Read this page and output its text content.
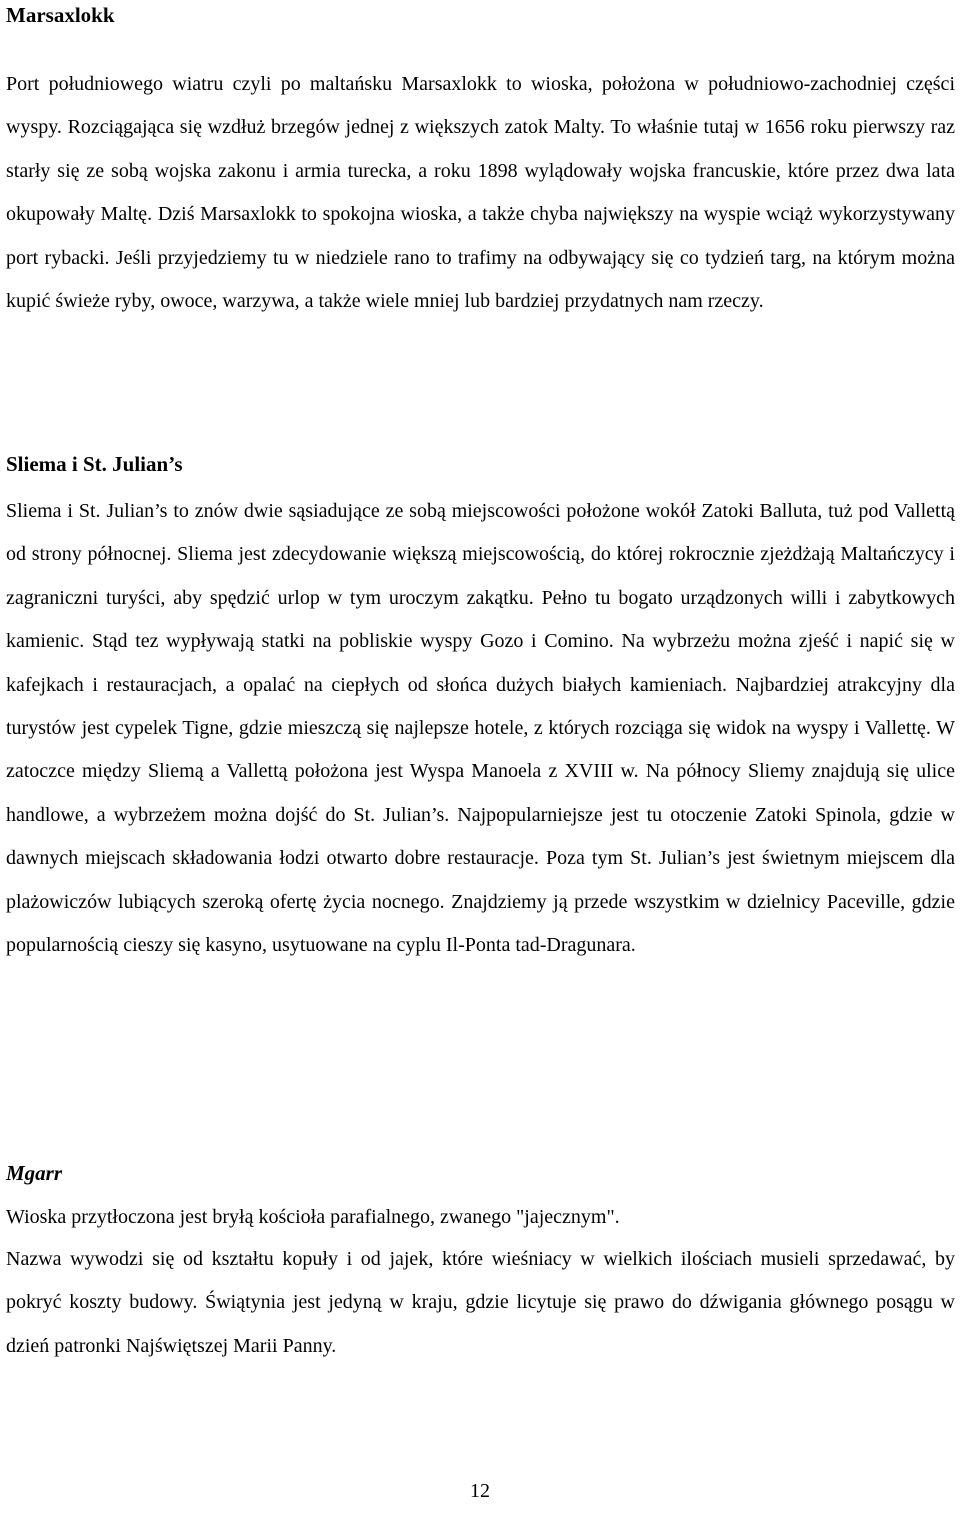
Marsaxlokk

Port południowego wiatru czyli po maltańsku Marsaxlokk to wioska, położona w południowo-zachodniej części wyspy. Rozciągająca się wzdłuż brzegów jednej z większych zatok Malty. To właśnie tutaj w 1656 roku pierwszy raz starły się ze sobą wojska zakonu i armia turecka, a roku 1898 wylądowały wojska francuskie, które przez dwa lata okupowały Maltę. Dziś Marsaxlokk to spokojna wioska, a także chyba największy na wyspie wciąż wykorzystywany port rybacki. Jeśli przyjedziemy tu w niedziele rano to trafimy na odbywający się co tydzień targ, na którym można kupić świeże ryby, owoce, warzywa, a także wiele mniej lub bardziej przydatnych nam rzeczy.

Sliema i St. Julian’s

Sliema i St. Julian’s to znów dwie sąsiadujące ze sobą miejscowości położone wokół Zatoki Balluta, tuż pod Vallettą od strony północnej. Sliema jest zdecydowanie większą miejscowością, do której rokrocznie zjeżdżają Maltańczycy i zagraniczni turyści, aby spędzić urlop w tym uroczym zakątku. Pełno tu bogato urządzonych willi i zabytkowych kamienic. Stąd tez wypływają statki na pobliskie wyspy Gozo i Comino. Na wybrzeżu można zjeść i napić się w kafejkach i restauracjach, a opalać na ciepłych od słońca dużych białych kamieniach. Najbardziej atrakcyjny dla turystów jest cypelek Tigne, gdzie mieszczą się najlepsze hotele, z których rozciąga się widok na wyspy i Vallettę. W zatoczce między Sliemą a Vallettą położona jest Wyspa Manoela z XVIII w. Na północy Sliemy znajdują się ulice handlowe, a wybrzeżem można dojść do St. Julian’s. Najpopularniejsze jest tu otoczenie Zatoki Spinola, gdzie w dawnych miejscach składowania łodzi otwarto dobre restauracje. Poza tym St. Julian’s jest świetnym miejscem dla plażowiczów lubiących szeroką ofertę życia nocnego. Znajdziemy ją przede wszystkim w dzielnicy Paceville, gdzie popularnością cieszy się kasyno, usytuowane na cyplu Il-Ponta tad-Dragunara.

Mgarr

Wioska przytłoczona jest bryłą kościoła parafialnego, zwanego "jajecznym".

Nazwa wywodzi się od kształtu kopuły i od jajek, które wieśniacy w wielkich ilościach musieli sprzedawać, by pokryć koszty budowy. Świątynia jest jedyną w kraju, gdzie licytuje się prawo do dźwigania głównego posągu w dzień patronki Najświętszej Marii Panny.

12
